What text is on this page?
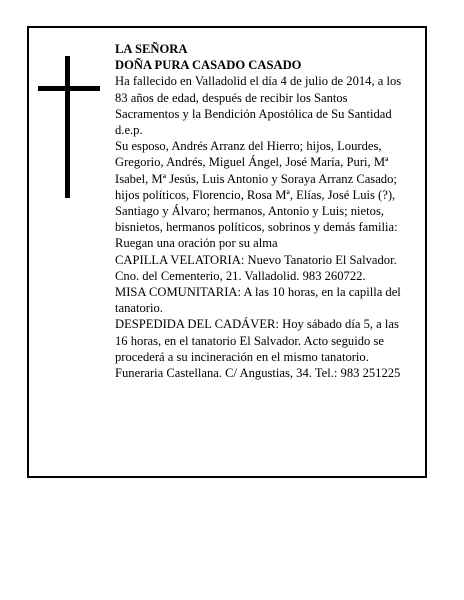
LA SEÑORA

DOÑA PURA CASADO CASADO

Ha fallecido en Valladolid el día 4 de julio de 2014, a los 83 años de edad, después de recibir los Santos Sacramentos y la Bendición Apostólica de Su Santidad d.e.p.

Su esposo, Andrés Arranz del Hierro; hijos, Lourdes, Gregorio, Andrés, Miguel Ángel, José María, Puri, Mª Isabel, Mª Jesús, Luis Antonio y Soraya Arranz Casado; hijos políticos, Florencio, Rosa Mª, Elías, José Luis (?), Santiago y Álvaro; hermanos, Antonio y Luis; nietos, bisnietos, hermanos políticos, sobrinos y demás familia:

Ruegan una oración por su alma

CAPILLA VELATORIA: Nuevo Tanatorio El Salvador. Cno. del Cementerio, 21. Valladolid. 983 260722.

MISA COMUNITARIA: A las 10 horas, en la capilla del tanatorio.

DESPEDIDA DEL CADÁVER: Hoy sábado día 5, a las 16 horas, en el tanatorio El Salvador. Acto seguido se procederá a su incineración en el mismo tanatorio.

Funeraria Castellana. C/ Angustias, 34. Tel.: 983 251225
